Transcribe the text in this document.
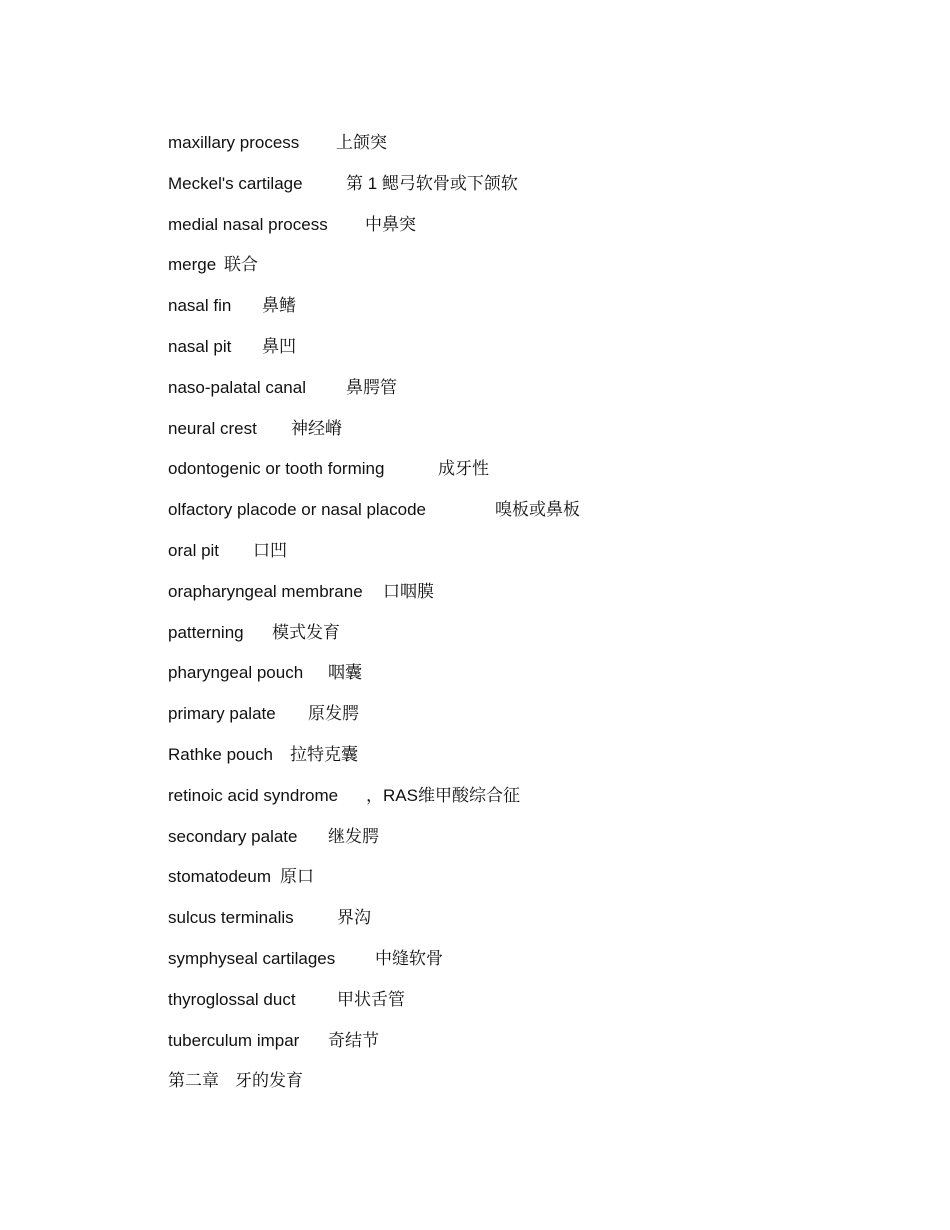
maxillary process 上颌突
Meckel's cartilage	第 1 鳃弓软骨或下颌软
medial nasal process 中鼻突
merge 联合
nasal fin 鼻鳍
nasal pit 鼻凹
naso-palatal canal 鼻腭管
neural crest 神经嵴
odontogenic or tooth forming	成牙性
olfactory placode or nasal placode	嗅板或鼻板
oral pit 口凹
orapharyngeal membrane 口咽膜
patterning 模式发育
pharyngeal pouch 咽囊
primary palate 原发腭
Rathke pouch 拉特克囊
retinoic acid syndrome ，RAS维甲酸综合征
secondary palate 继发腭
stomatodeum 原口
sulcus terminalis	界沟
symphyseal cartilages 中缝软骨
thyroglossal duct 甲状舌管
tuberculum impar 奇结节
第二章 牙的发育
